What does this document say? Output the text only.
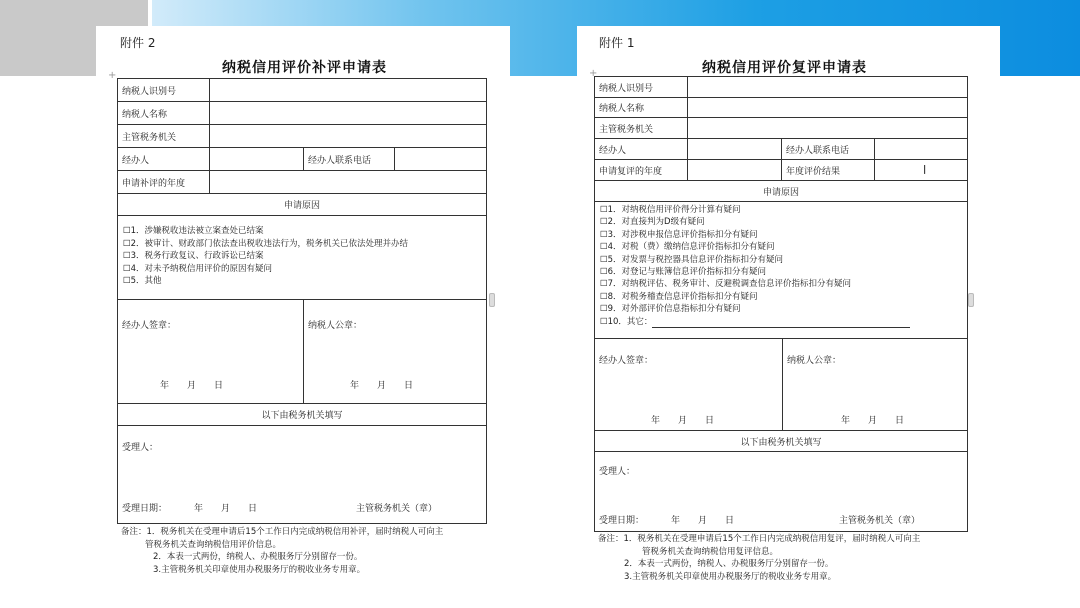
附件 2
纳税信用评价补评申请表
+
纳税人识别号
纳税人名称
主管税务机关
经办人	经办人联系电话
申请补评的年度
申请原因
☐1．涉嫌税收违法被立案查处已结案
☐2．被审计、财政部门依法查出税收违法行为，税务机关已依法处理并办结
☐3．税务行政复议、行政诉讼已结案
☐4．对未予纳税信用评价的原因有疑问
☐5．其他
经办人签章：
年　　月　　日
纳税人公章：
年　　月　　日
以下由税务机关填写
受理人：
受理日期：	年　　月　　日	主管税务机关（章）
备注：1．税务机关在受理申请后15个工作日内完成纳税信用补评，届时纳税人可向主
管税务机关查询纳税信用评价信息。
2．本表一式两份，纳税人、办税服务厅分别留存一份。
3.主管税务机关印章使用办税服务厅的税收业务专用章。
附件 1
纳税信用评价复评申请表
+
纳税人识别号
纳税人名称
主管税务机关
经办人	经办人联系电话
申请复评的年度	年度评价结果	|
申请原因
☐1．对纳税信用评价得分计算有疑问
☐2．对直接判为D级有疑问
☐3．对涉税申报信息评价指标扣分有疑问
☐4．对税（费）缴纳信息评价指标扣分有疑问
☐5．对发票与税控器具信息评价指标扣分有疑问
☐6．对登记与账簿信息评价指标扣分有疑问
☐7．对纳税评估、税务审计、反避税调查信息评价指标扣分有疑问
☐8．对税务稽查信息评价指标扣分有疑问
☐9．对外部评价信息指标扣分有疑问
☐10．其它：
经办人签章：
年　　月　　日
纳税人公章：
年　　月　　日
以下由税务机关填写
受理人：
受理日期：	年　　月　　日	主管税务机关（章）
备注：1．税务机关在受理申请后15个工作日内完成纳税信用复评，届时纳税人可向主
管税务机关查询纳税信用复评信息。
2．本表一式两份，纳税人、办税服务厅分别留存一份。
3.主管税务机关印章使用办税服务厅的税收业务专用章。
